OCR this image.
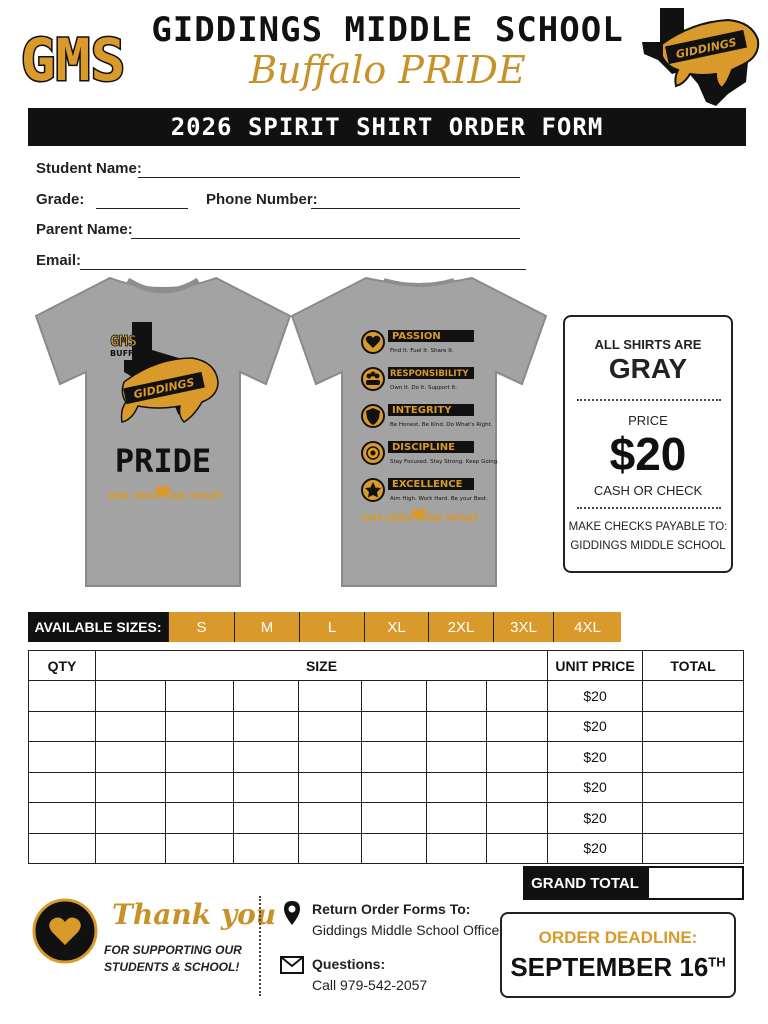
GMS GIDDINGS MIDDLE SCHOOL
Buffalo PRIDE	GIDDINGS
2026 SPIRIT SHIRT ORDER FORM
Student Name:
Grade:	Phone Number:
Parent Name:
Email:
GIDDINGS
GMS
BUFFALO
PRIDE
ONE HERD ONE HEART
PASSION
Find It. Fuel It. Share It.
RESPONSIBILITY
Own It. Do It. Support It.
INTEGRITY
Be Honest. Be Kind. Do What's Right.
DISCIPLINE
Stay Focused. Stay Strong. Keep Going.
EXCELLENCE
Aim High. Work Hard. Be your Best.
ONE HERD ONE HEART
ALL SHIRTS ARE
GRAY
PRICE
$20
CASH OR CHECK
MAKE CHECKS PAYABLE TO:
GIDDINGS MIDDLE SCHOOL
AVAILABLE SIZES:	S	M	L	XL	2XL	3XL	4XL
QTY	SIZE							UNIT PRICE	TOTAL
								$20	
								$20	
								$20	
								$20	
								$20	
								$20	
GRAND TOTAL
Thank you
FOR SUPPORTING OUR
STUDENTS & SCHOOL!
Return Order Forms To:
Giddings Middle School Office
Questions:
Call 979-542-2057
ORDER DEADLINE:
SEPTEMBER 16TH
